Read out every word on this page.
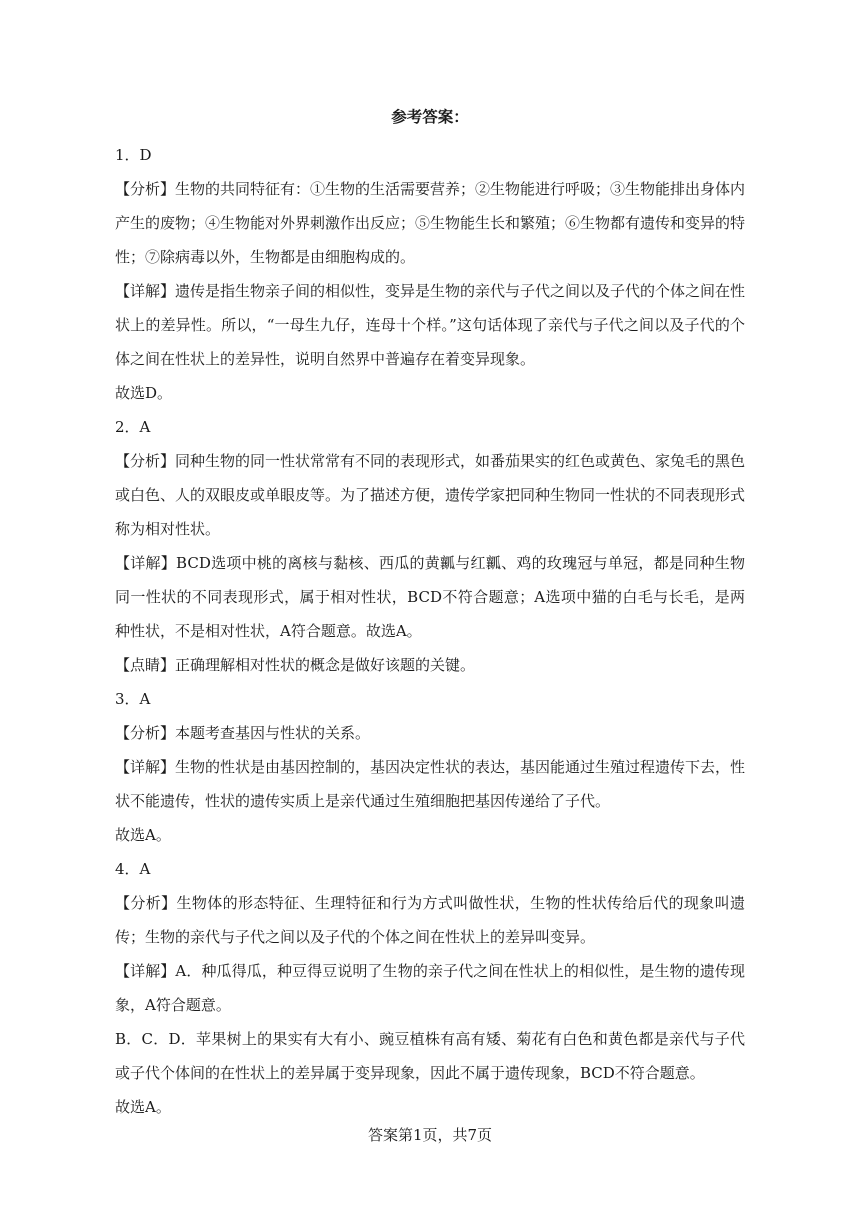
参考答案：

1．D

【分析】生物的共同特征有：①生物的生活需要营养；②生物能进行呼吸；③生物能排出身体内产生的废物；④生物能对外界刺激作出反应；⑤生物能生长和繁殖；⑥生物都有遗传和变异的特性；⑦除病毒以外，生物都是由细胞构成的。

【详解】遗传是指生物亲子间的相似性，变异是生物的亲代与子代之间以及子代的个体之间在性状上的差异性。所以，“一母生九仔，连母十个样。”这句话体现了亲代与子代之间以及子代的个体之间在性状上的差异性，说明自然界中普遍存在着变异现象。

故选D。

2．A

【分析】同种生物的同一性状常常有不同的表现形式，如番茄果实的红色或黄色、家兔毛的黑色或白色、人的双眼皮或单眼皮等。为了描述方便，遗传学家把同种生物同一性状的不同表现形式称为相对性状。

【详解】BCD选项中桃的离核与黏核、西瓜的黄瓤与红瓤、鸡的玫瑰冠与单冠，都是同种生物同一性状的不同表现形式，属于相对性状，BCD不符合题意；A选项中猫的白毛与长毛，是两种性状，不是相对性状，A符合题意。故选A。

【点睛】正确理解相对性状的概念是做好该题的关键。

3．A

【分析】本题考查基因与性状的关系。

【详解】生物的性状是由基因控制的，基因决定性状的表达，基因能通过生殖过程遗传下去，性状不能遗传，性状的遗传实质上是亲代通过生殖细胞把基因传递给了子代。

故选A。

4．A

【分析】生物体的形态特征、生理特征和行为方式叫做性状，生物的性状传给后代的现象叫遗传；生物的亲代与子代之间以及子代的个体之间在性状上的差异叫变异。

【详解】A．种瓜得瓜，种豆得豆说明了生物的亲子代之间在性状上的相似性，是生物的遗传现象，A符合题意。

B．C．D．苹果树上的果实有大有小、豌豆植株有高有矮、菊花有白色和黄色都是亲代与子代或子代个体间的在性状上的差异属于变异现象，因此不属于遗传现象，BCD不符合题意。

故选A。

答案第1页，共7页
